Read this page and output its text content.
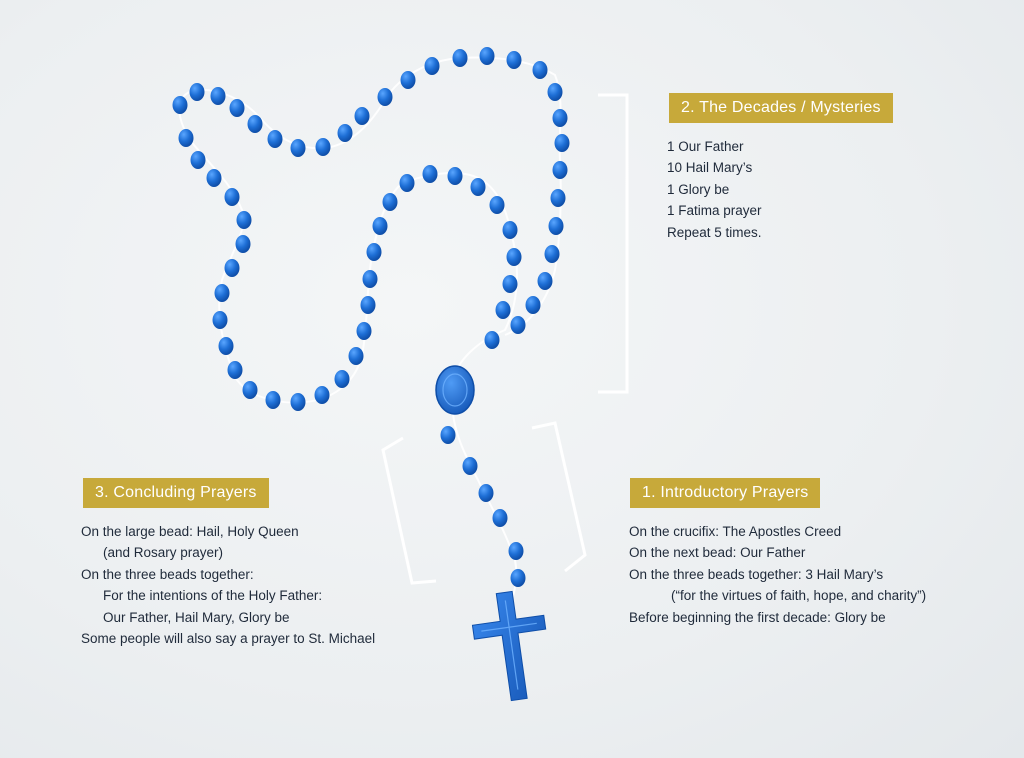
2. The Decades / Mysteries
1 Our Father
10 Hail Mary’s
1 Glory be
1 Fatima prayer
Repeat 5 times.
3. Concluding Prayers
On the large bead: Hail, Holy Queen
(and Rosary prayer)
On the three beads together:
For the intentions of the Holy Father:
Our Father, Hail Mary, Glory be
Some people will also say a prayer to St. Michael
1. Introductory Prayers
On the crucifix: The Apostles Creed
On the next bead: Our Father
On the three beads together: 3 Hail Mary’s
(“for the virtues of faith, hope, and charity”)
Before beginning the first decade: Glory be
